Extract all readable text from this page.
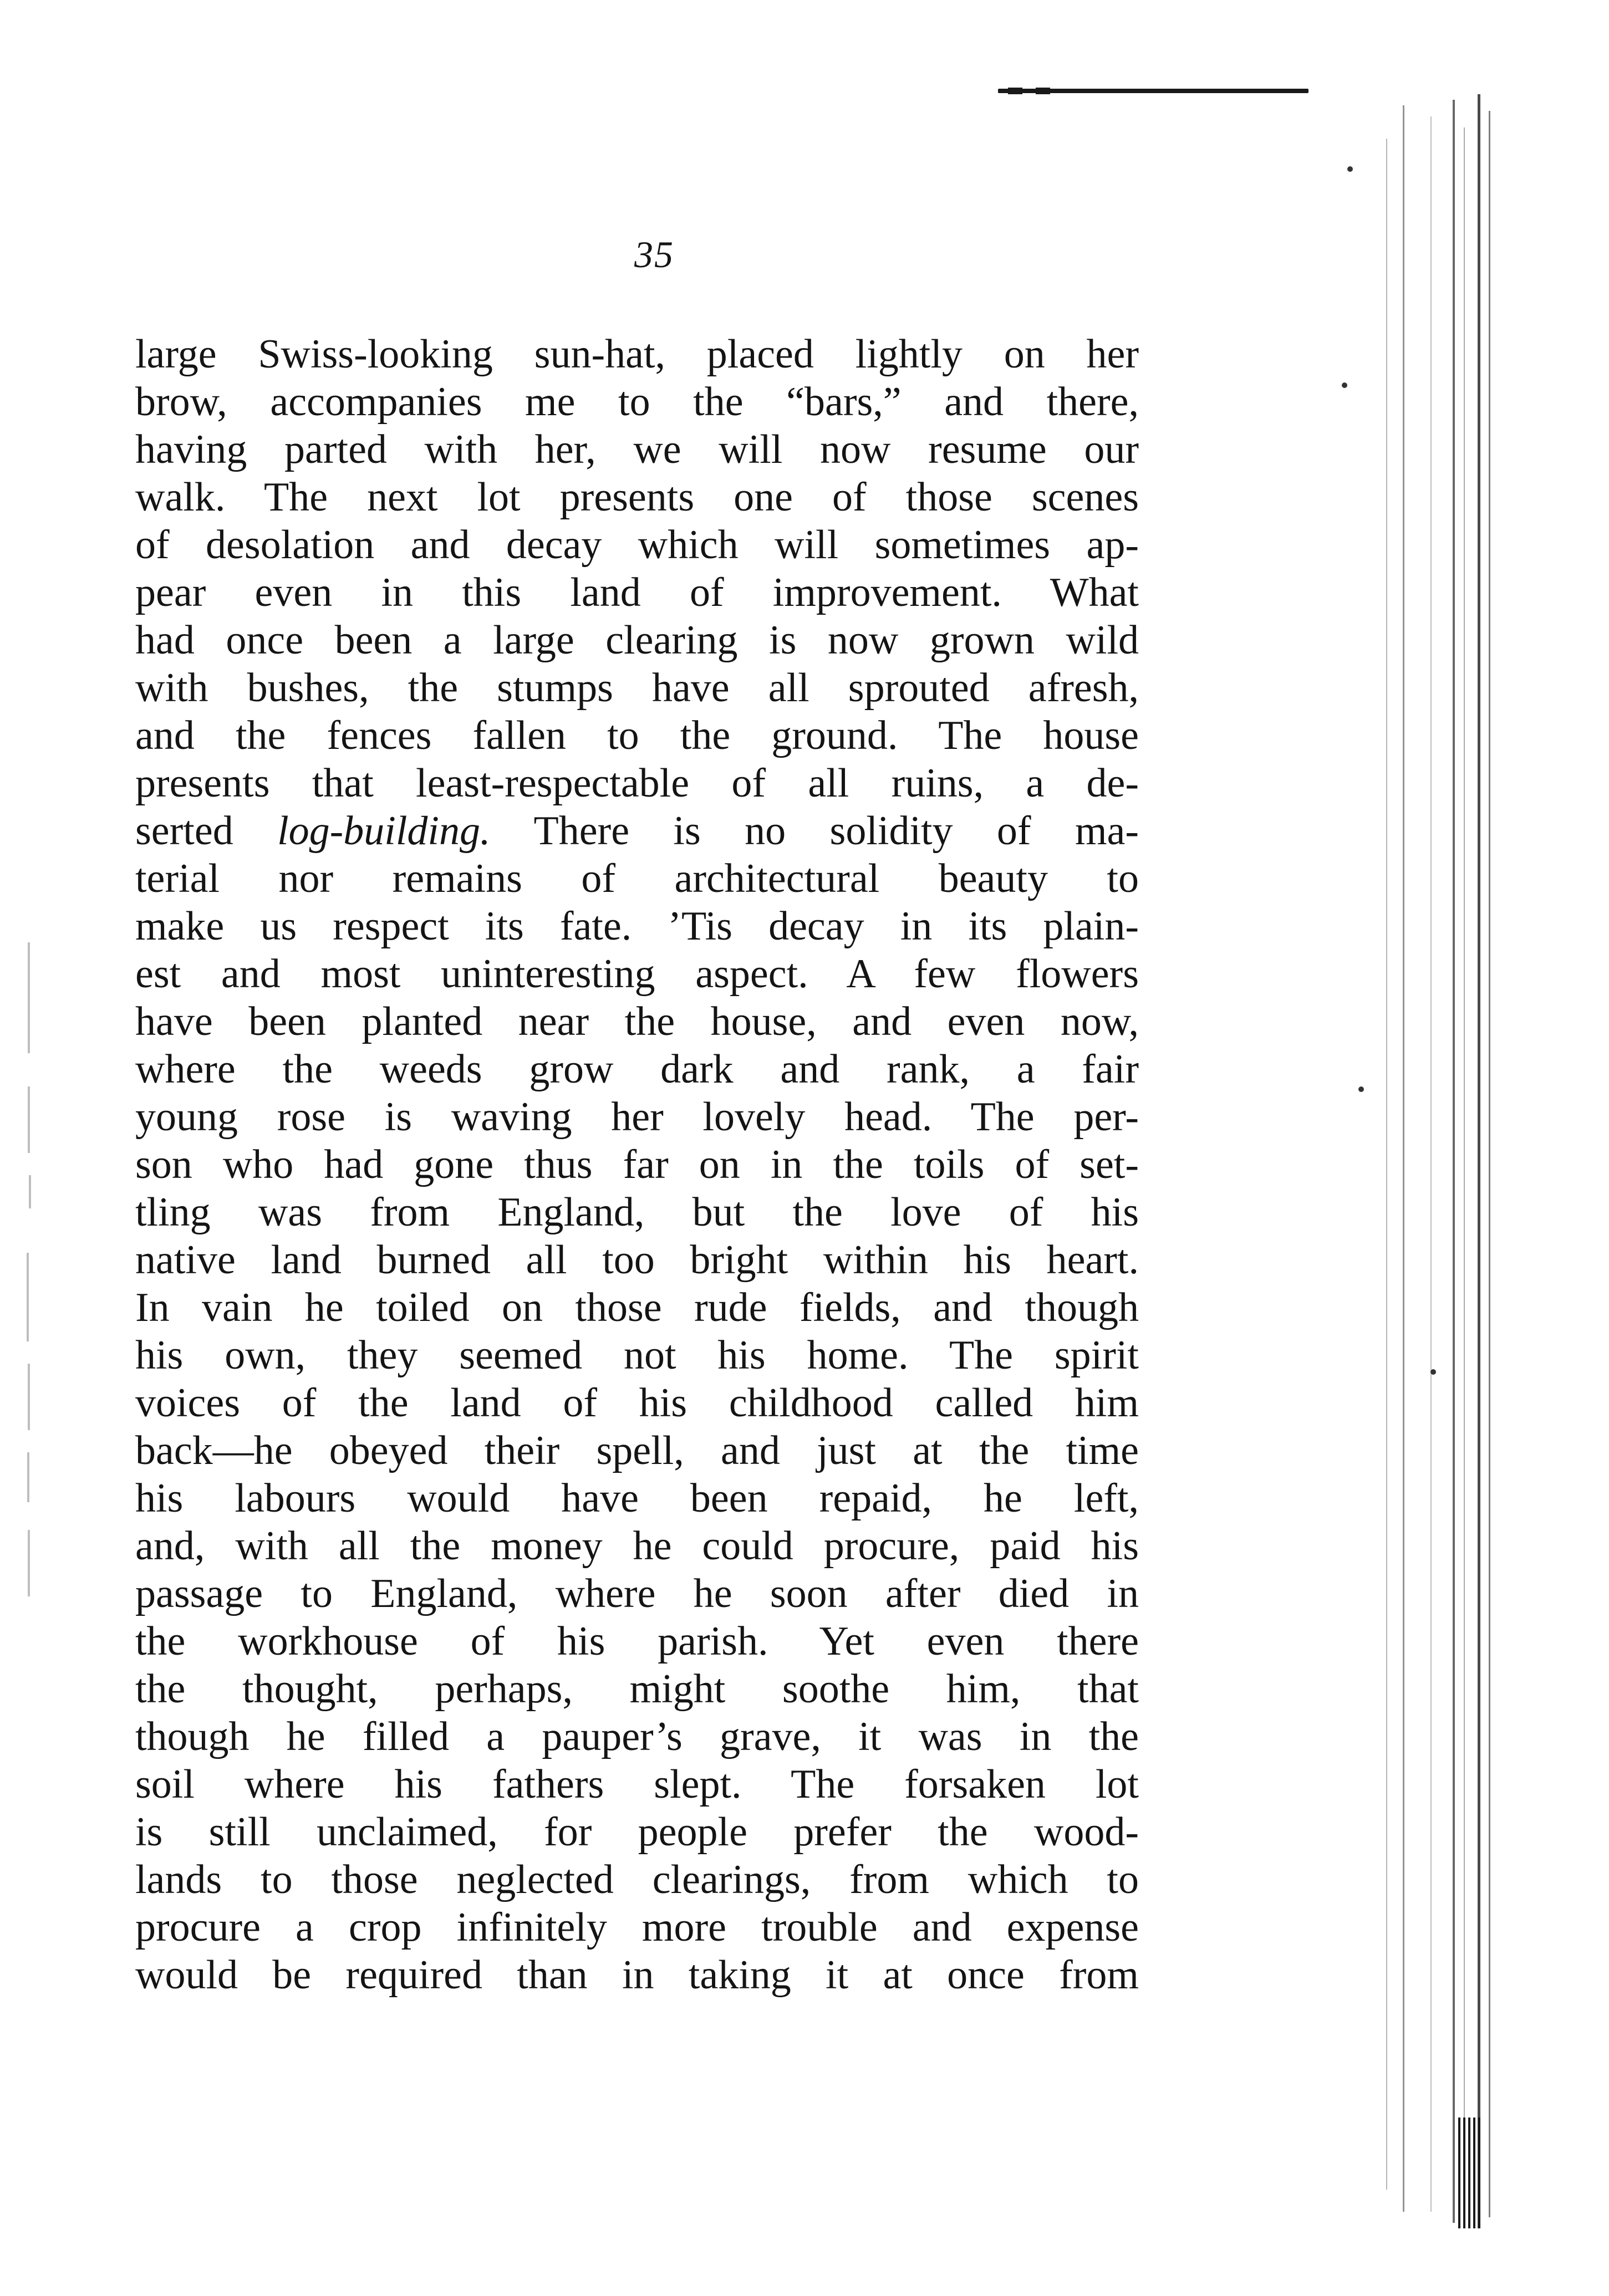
35
large Swiss-looking sun-hat, placed lightly on her
brow, accompanies me to the “bars,” and there,
having parted with her, we will now resume our
walk. The next lot presents one of those scenes
of desolation and decay which will sometimes ap-
pear even in this land of improvement. What
had once been a large clearing is now grown wild
with bushes, the stumps have all sprouted afresh,
and the fences fallen to the ground. The house
presents that least-respectable of all ruins, a de-
serted log-building. There is no solidity of ma-
terial nor remains of architectural beauty to
make us respect its fate. ’Tis decay in its plain-
est and most uninteresting aspect. A few flowers
have been planted near the house, and even now,
where the weeds grow dark and rank, a fair
young rose is waving her lovely head. The per-
son who had gone thus far on in the toils of set-
tling was from England, but the love of his
native land burned all too bright within his heart.
In vain he toiled on those rude fields, and though
his own, they seemed not his home. The spirit
voices of the land of his childhood called him
back—he obeyed their spell, and just at the time
his labours would have been repaid, he left,
and, with all the money he could procure, paid his
passage to England, where he soon after died in
the workhouse of his parish. Yet even there
the thought, perhaps, might soothe him, that
though he filled a pauper’s grave, it was in the
soil where his fathers slept. The forsaken lot
is still unclaimed, for people prefer the wood-
lands to those neglected clearings, from which to
procure a crop infinitely more trouble and expense
would be required than in taking it at once from
